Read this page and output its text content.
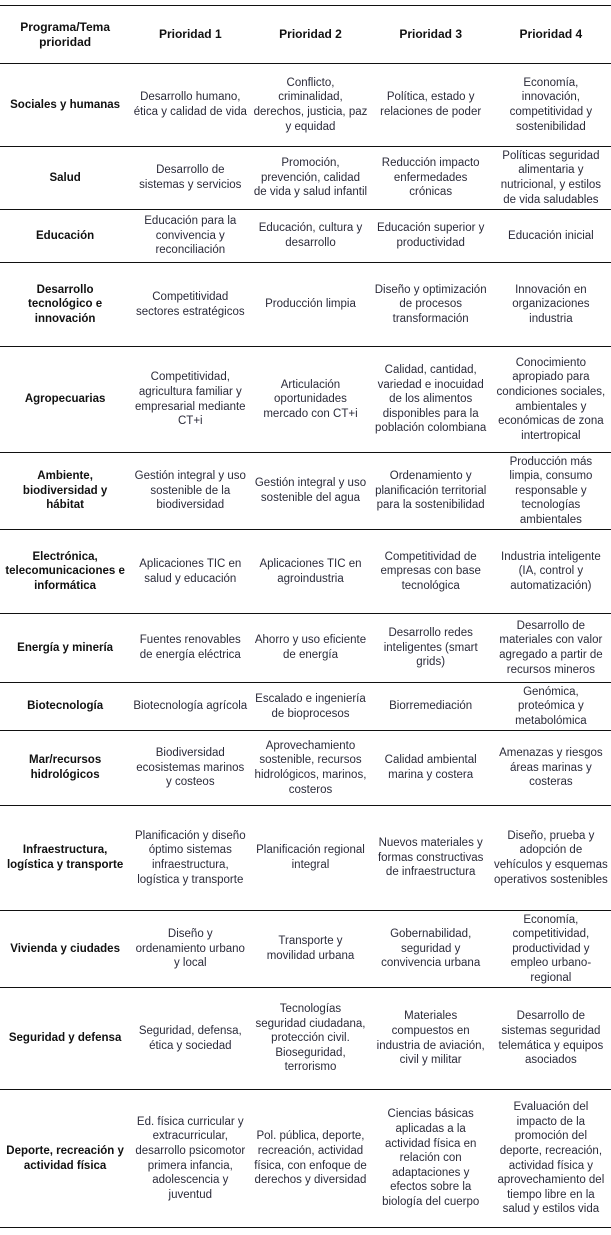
Programa/Tema prioridad	Prioridad 1	Prioridad 2	Prioridad 3	Prioridad 4
Sociales y humanas	Desarrollo humano, ética y calidad de vida	Conflicto, criminalidad, derechos, justicia, paz y equidad	Política, estado y relaciones de poder	Economía, innovación, competitividad y sostenibilidad
Salud	Desarrollo de sistemas y servicios	Promoción, prevención, calidad de vida y salud infantil	Reducción impacto enfermedades crónicas	Políticas seguridad alimentaria y nutricional, y estilos de vida saludables
Educación	Educación para la convivencia y reconciliación	Educación, cultura y desarrollo	Educación superior y productividad	Educación inicial
Desarrollo tecnológico e innovación	Competitividad sectores estratégicos	Producción limpia	Diseño y optimización de procesos transformación	Innovación en organizaciones industria
Agropecuarias	Competitividad, agricultura familiar y empresarial mediante CT+i	Articulación oportunidades mercado con CT+i	Calidad, cantidad, variedad e inocuidad de los alimentos disponibles para la población colombiana	Conocimiento apropiado para condiciones sociales, ambientales y económicas de zona intertropical
Ambiente, biodiversidad y hábitat	Gestión integral y uso sostenible de la biodiversidad	Gestión integral y uso sostenible del agua	Ordenamiento y planificación territorial para la sostenibilidad	Producción más limpia, consumo responsable y tecnologías ambientales
Electrónica, telecomunicaciones e informática	Aplicaciones TIC en salud y educación	Aplicaciones TIC en agroindustria	Competitividad de empresas con base tecnológica	Industria inteligente (IA, control y automatización)
Energía y minería	Fuentes renovables de energía eléctrica	Ahorro y uso eficiente de energía	Desarrollo redes inteligentes (smart grids)	Desarrollo de materiales con valor agregado a partir de recursos mineros
Biotecnología	Biotecnología agrícola	Escalado e ingeniería de bioprocesos	Biorremediación	Genómica, proteómica y metabolómica
Mar/recursos hidrológicos	Biodiversidad ecosistemas marinos y costeos	Aprovechamiento sostenible, recursos hidrológicos, marinos, costeros	Calidad ambiental marina y costera	Amenazas y riesgos áreas marinas y costeras
Infraestructura, logística y transporte	Planificación y diseño óptimo sistemas infraestructura, logística y transporte	Planificación regional integral	Nuevos materiales y formas constructivas de infraestructura	Diseño, prueba y adopción de vehículos y esquemas operativos sostenibles
Vivienda y ciudades	Diseño y ordenamiento urbano y local	Transporte y movilidad urbana	Gobernabilidad, seguridad y convivencia urbana	Economía, competitividad, productividad y empleo urbano-regional
Seguridad y defensa	Seguridad, defensa, ética y sociedad	Tecnologías seguridad ciudadana, protección civil. Bioseguridad, terrorismo	Materiales compuestos en industria de aviación, civil y militar	Desarrollo de sistemas seguridad telemática y equipos asociados
Deporte, recreación y actividad física	Ed. física curricular y extracurricular, desarrollo psicomotor primera infancia, adolescencia y juventud	Pol. pública, deporte, recreación, actividad física, con enfoque de derechos y diversidad	Ciencias básicas aplicadas a la actividad física en relación con adaptaciones y efectos sobre la biología del cuerpo	Evaluación del impacto de la promoción del deporte, recreación, actividad física y aprovechamiento del tiempo libre en la salud y estilos vida
